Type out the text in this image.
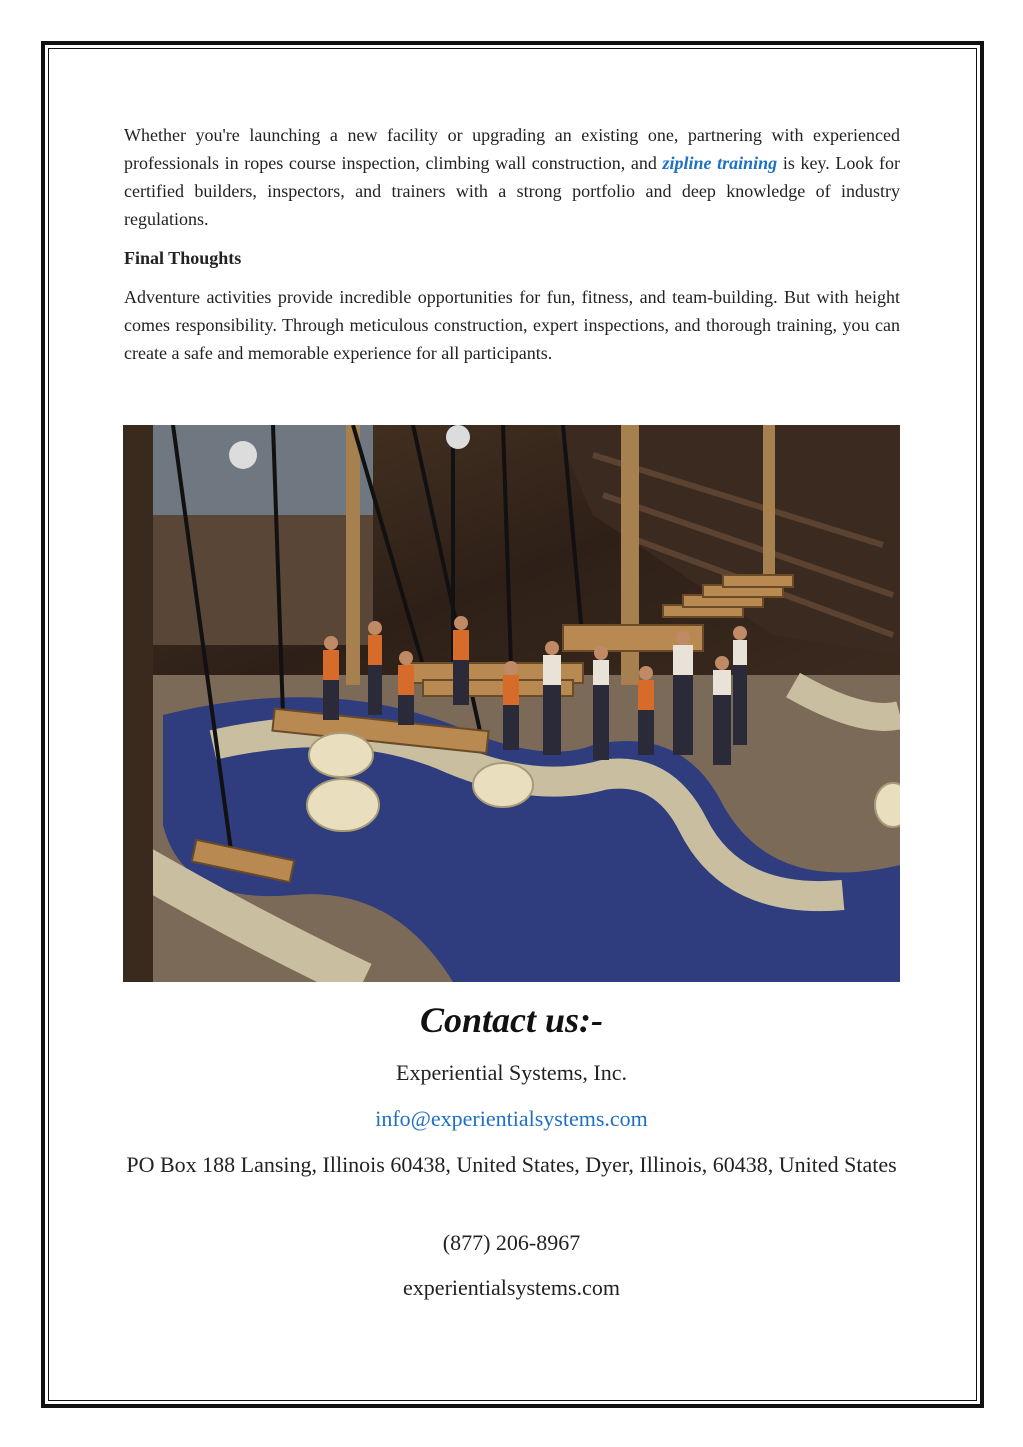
Whether you're launching a new facility or upgrading an existing one, partnering with experienced professionals in ropes course inspection, climbing wall construction, and zipline training is key. Look for certified builders, inspectors, and trainers with a strong portfolio and deep knowledge of industry regulations.

Final Thoughts

Adventure activities provide incredible opportunities for fun, fitness, and team-building. But with height comes responsibility. Through meticulous construction, expert inspections, and thorough training, you can create a safe and memorable experience for all participants.

Contact us:-
Experiential Systems, Inc.
info@experientialsystems.com
PO Box 188 Lansing, Illinois 60438, United States, Dyer, Illinois, 60438, United States
(877) 206-8967
experientialsystems.com
